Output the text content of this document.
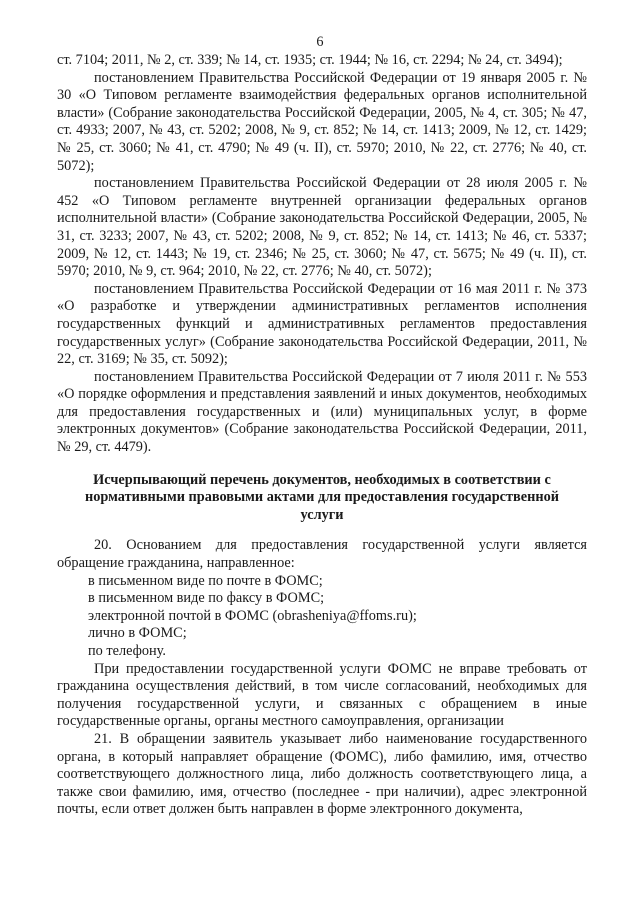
6

ст. 7104; 2011, № 2, ст. 339; № 14, ст. 1935; ст. 1944; № 16, ст. 2294; № 24, ст. 3494);

постановлением Правительства Российской Федерации от 19 января 2005 г. № 30 «О Типовом регламенте взаимодействия федеральных органов исполнительной власти» (Собрание законодательства Российской Федерации, 2005, № 4, ст. 305; № 47, ст. 4933; 2007, № 43, ст. 5202; 2008, № 9, ст. 852; № 14, ст. 1413; 2009, № 12, ст. 1429; № 25, ст. 3060; № 41, ст. 4790; № 49 (ч. II), ст. 5970; 2010, № 22, ст. 2776; № 40, ст. 5072);

постановлением Правительства Российской Федерации от 28 июля 2005 г. № 452 «О Типовом регламенте внутренней организации федеральных органов исполнительной власти» (Собрание законодательства Российской Федерации, 2005, № 31, ст. 3233; 2007, № 43, ст. 5202; 2008, № 9, ст. 852; № 14, ст. 1413; № 46, ст. 5337; 2009, № 12, ст. 1443; № 19, ст. 2346; № 25, ст. 3060; № 47, ст. 5675; № 49 (ч. II), ст. 5970; 2010, № 9, ст. 964; 2010, № 22, ст. 2776; № 40, ст. 5072);

постановлением Правительства Российской Федерации от 16 мая 2011 г. № 373 «О разработке и утверждении административных регламентов исполнения государственных функций и административных регламентов предоставления государственных услуг» (Собрание законодательства Российской Федерации, 2011, № 22, ст. 3169; № 35, ст. 5092);

постановлением Правительства Российской Федерации от 7 июля 2011 г. № 553 «О порядке оформления и представления заявлений и иных документов, необходимых для предоставления государственных и (или) муниципальных услуг, в форме электронных документов» (Собрание законодательства Российской Федерации, 2011, № 29, ст. 4479).

Исчерпывающий перечень документов, необходимых в соответствии с нормативными правовыми актами для предоставления государственной услуги

20. Основанием для предоставления государственной услуги является обращение гражданина, направленное:

в письменном виде по почте в ФОМС;

в письменном виде по факсу в ФОМС;

электронной почтой в ФОМС (obrasheniya@ffoms.ru);

лично в ФОМС;

по телефону.

При предоставлении государственной услуги ФОМС не вправе требовать от гражданина осуществления действий, в том числе согласований, необходимых для получения государственной услуги, и связанных с обращением в иные государственные органы, органы местного самоуправления, организации

21. В обращении заявитель указывает либо наименование государственного органа, в который направляет обращение (ФОМС), либо фамилию, имя, отчество соответствующего должностного лица, либо должность соответствующего лица, а также свои фамилию, имя, отчество (последнее - при наличии), адрес электронной почты, если ответ должен быть направлен в форме электронного документа,
